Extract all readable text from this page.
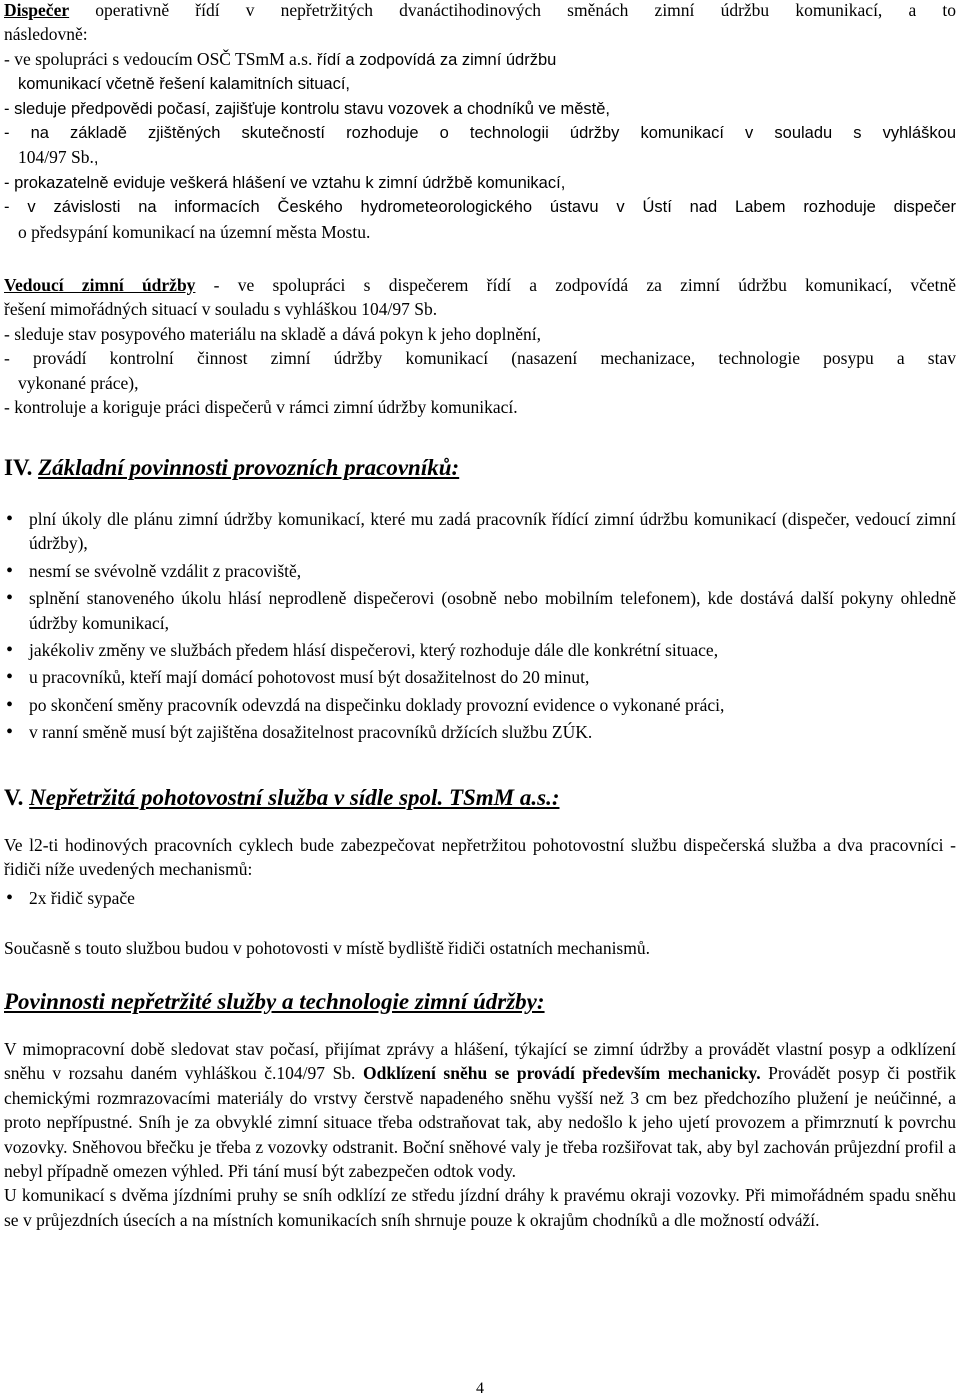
Dispečer operativně řídí v nepřetržitých dvanáctihodinových směnách zimní údržbu komunikací, a to
následovně:
- ve spolupráci s vedoucím OSČ TSmM a.s. řídí a zodpovídá za zimní údržbu
komunikací včetně řešení kalamitních situací,
- sleduje předpovědi počasí, zajišťuje kontrolu stavu vozovek a chodníků ve městě,
- na základě zjištěných skutečností rozhoduje o technologii údržby komunikací v souladu s vyhláškou
104/97 Sb.,
- prokazatelně eviduje veškerá hlášení ve vztahu k zimní údržbě komunikací,
- v závislosti na informacích Českého hydrometeorologického ústavu v Ústí nad Labem rozhoduje dispečer
o předsypání komunikací na územní města Mostu.
Vedoucí zimní údržby - ve spolupráci s dispečerem řídí a zodpovídá za zimní údržbu komunikací, včetně
řešení mimořádných situací v souladu s vyhláškou 104/97 Sb.
- sleduje stav posypového materiálu na skladě a dává pokyn k jeho doplnění,
- provádí kontrolní činnost zimní údržby komunikací (nasazení mechanizace, technologie posypu a stav
vykonané práce),
- kontroluje a koriguje práci dispečerů v rámci zimní údržby komunikací.
IV. Základní povinnosti provozních pracovníků:

• plní úkoly dle plánu zimní údržby komunikací, které mu zadá pracovník řídící zimní údržbu komunikací (dispečer, vedoucí zimní údržby),

• nesmí se svévolně vzdálit z pracoviště,

• splnění stanoveného úkolu hlásí neprodleně dispečerovi (osobně nebo mobilním telefonem), kde dostává další pokyny ohledně údržby komunikací,

• jakékoliv změny ve službách předem hlásí dispečerovi, který rozhoduje dále dle konkrétní situace,

• u pracovníků, kteří mají domácí pohotovost musí být dosažitelnost do 20 minut,

• po skončení směny pracovník odevzdá na dispečinku doklady provozní evidence o vykonané práci,

• v ranní směně musí být zajištěna dosažitelnost pracovníků držících službu ZÚK.

V. Nepřetržitá pohotovostní služba v sídle spol. TSmM a.s.:

Ve l2-ti hodinových pracovních cyklech bude zabezpečovat nepřetržitou pohotovostní službu dispečerská služba a dva pracovníci - řidiči níže uvedených mechanismů:

• 2x řidič sypače

Současně s touto službou budou v pohotovosti v místě bydliště řidiči ostatních mechanismů.

Povinnosti nepřetržité služby a technologie zimní údržby:

V mimopracovní době sledovat stav počasí, přijímat zprávy a hlášení, týkající se zimní údržby a provádět vlastní posyp a odklízení sněhu v rozsahu daném vyhláškou č.104/97 Sb. Odklízení sněhu se provádí především mechanicky. Provádět posyp či postřik chemickými rozmrazovacími materiály do vrstvy čerstvě napadeného sněhu vyšší než 3 cm bez předchozího plužení je neúčinné, a proto nepřípustné. Sníh je za obvyklé zimní situace třeba odstraňovat tak, aby nedošlo k jeho ujetí provozem a přimrznutí k povrchu vozovky. Sněhovou břečku je třeba z vozovky odstranit. Boční sněhové valy je třeba rozšiřovat tak, aby byl zachován průjezdní profil a nebyl případně omezen výhled. Při tání musí být zabezpečen odtok vody.

U komunikací s dvěma jízdními pruhy se sníh odklízí ze středu jízdní dráhy k pravému okraji vozovky. Při mimořádném spadu sněhu se v průjezdních úsecích a na místních komunikacích sníh shrnuje pouze k okrajům chodníků a dle možností odváží.

4
